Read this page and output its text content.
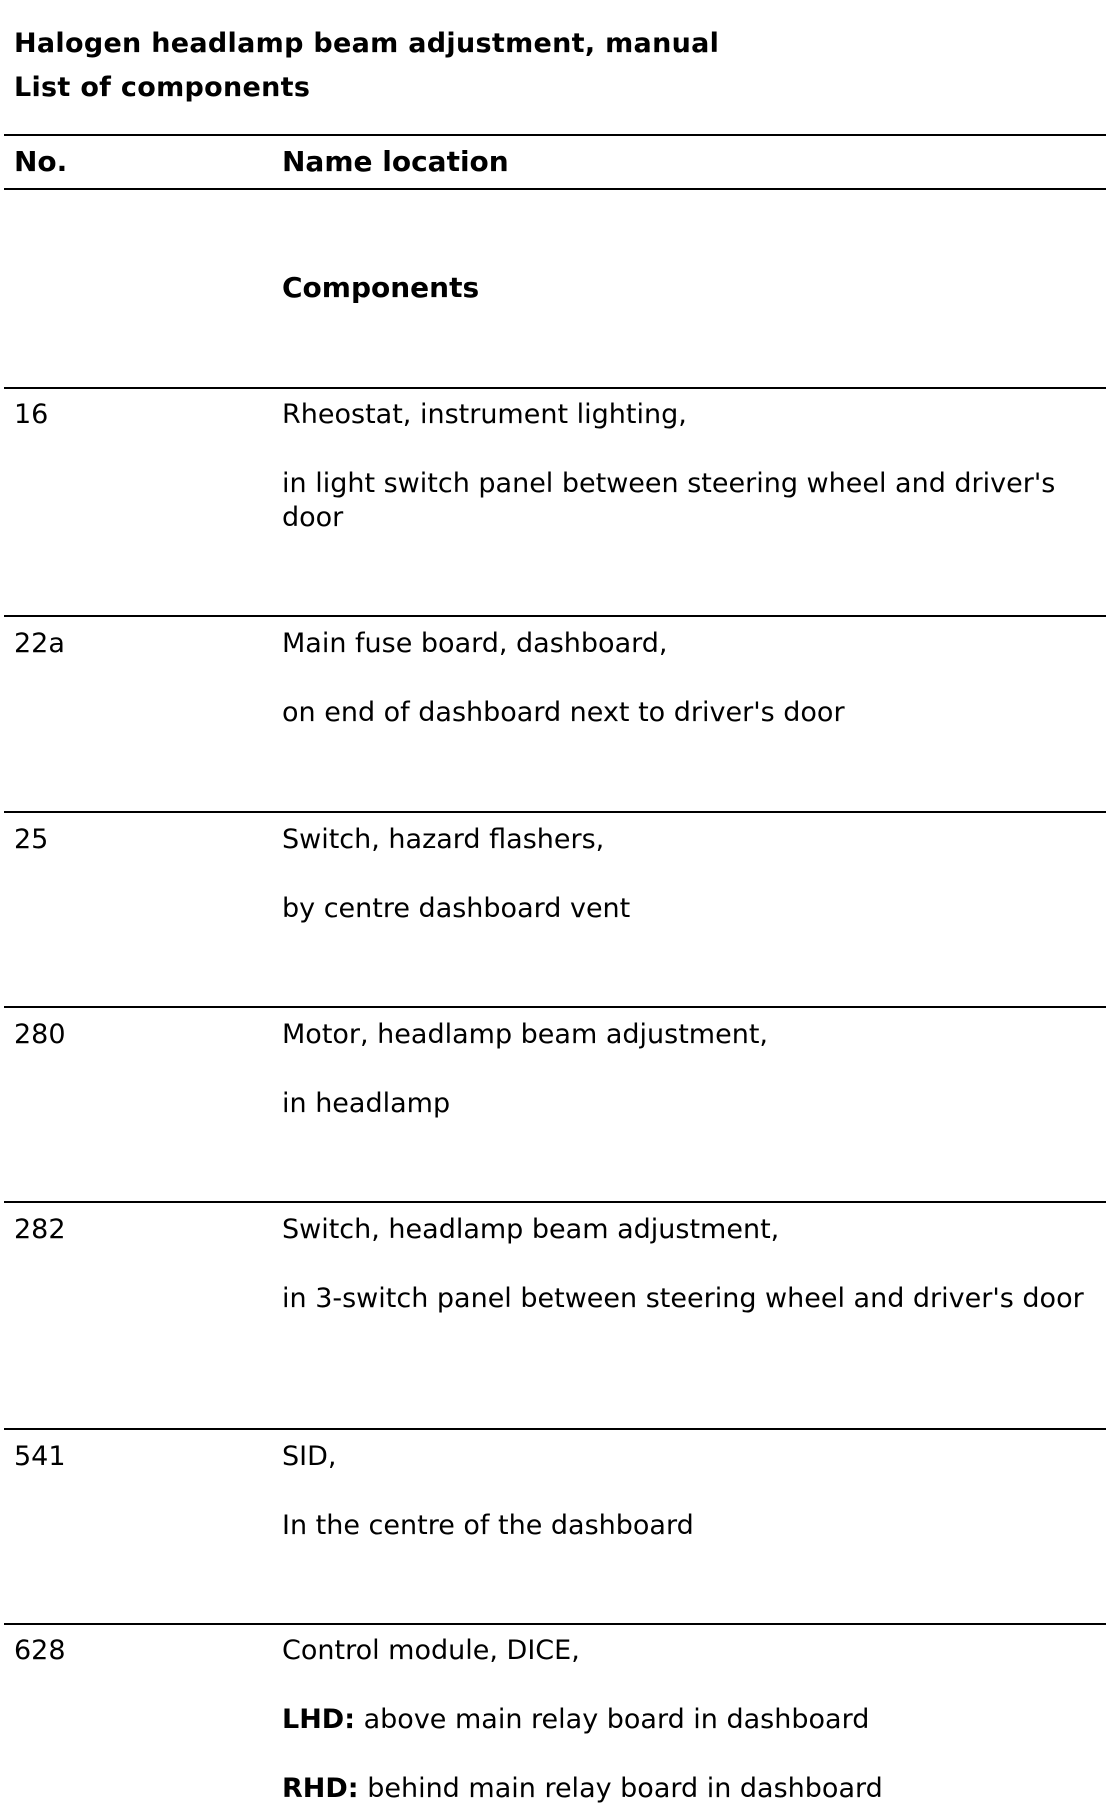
Halogen headlamp beam adjustment, manual
List of components
No.	Name location
Components
16	Rheostat, instrument lighting,
in light switch panel between steering wheel and driver's door
22a	Main fuse board, dashboard,
on end of dashboard next to driver's door
25	Switch, hazard flashers,
by centre dashboard vent
280	Motor, headlamp beam adjustment,
in headlamp
282	Switch, headlamp beam adjustment,
in 3-switch panel between steering wheel and driver's door
541	SID,
In the centre of the dashboard
628	Control module, DICE,
LHD: above main relay board in dashboard
RHD: behind main relay board in dashboard
